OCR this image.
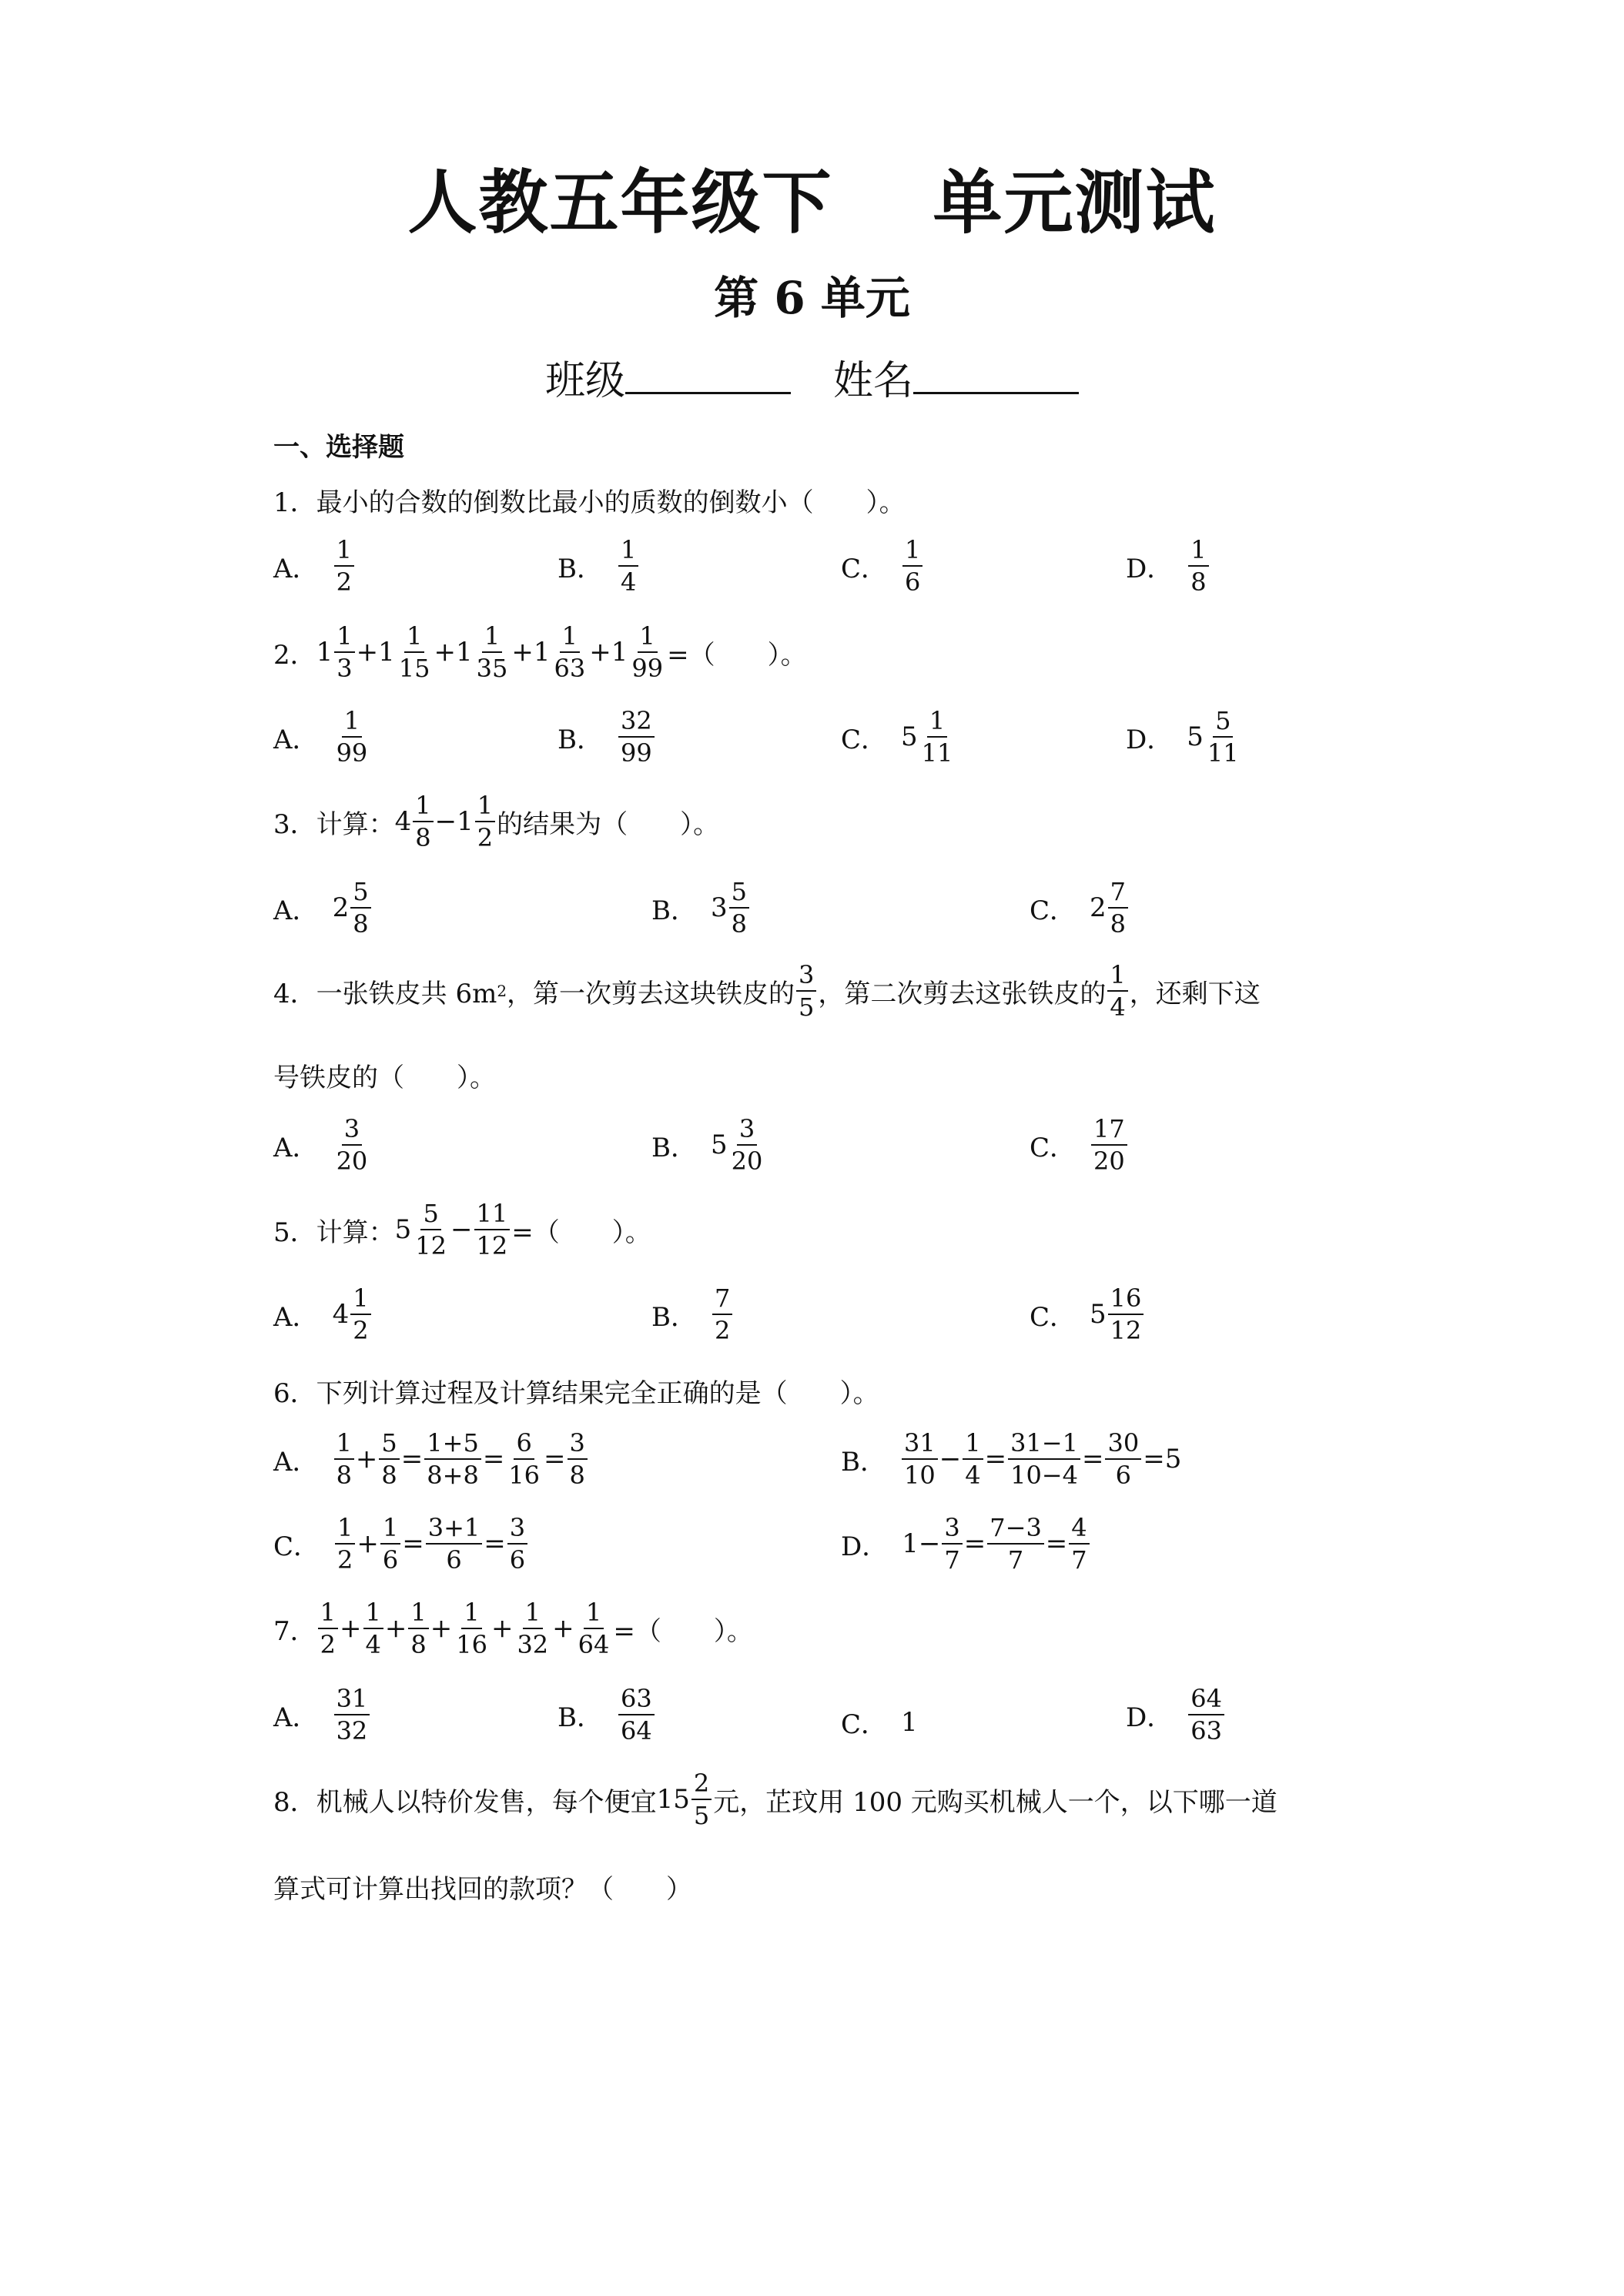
人教五年级下 单元测试
第 6 单元
班级	姓名
一、选择题
1．最小的合数的倒数比最小的质数的倒数小（　　）。
A． $\frac{1}{2}$	B． $\frac{1}{4}$	C． $\frac{1}{6}$	D． $\frac{1}{8}$
2． $1 \frac{1}{3} + 1 \frac{1}{15} + 1 \frac{1}{35} + 1 \frac{1}{63} + 1 \frac{1}{99}$ =（　　）。
A． $\frac{1}{99}$	B． $\frac{32}{99}$	C． $5 \frac{1}{11}$	D． $5 \frac{5}{11}$
3．计算： $4 \frac{1}{8} - 1 \frac{1}{2}$ 的结果为（　　）。
A． $2 \frac{5}{8}$	B． $3 \frac{5}{8}$	C． $2 \frac{7}{8}$
4．一张铁皮共 6m 2 ，第一次剪去这块铁皮的 $\frac{3}{5}$ ，第二次剪去这张铁皮的 $\frac{1}{4}$ ，还剩下这
号铁皮的（　　）。
A． $\frac{3}{20}$	B． $5 \frac{3}{20}$	C． $\frac{17}{20}$
5．计算： $5 \frac{5}{12} - \frac{11}{12}$ =（　　）。
A． $4 \frac{1}{2}$	B． $\frac{7}{2}$	C． $5 \frac{16}{12}$
6．下列计算过程及计算结果完全正确的是（　　）。
A． $\frac{1}{8} + \frac{5}{8} = \frac{1+5}{8+8} = \frac{6}{16} = \frac{3}{8}$	B． $\frac{31}{10} - \frac{1}{4} = \frac{31-1}{10-4} = \frac{30}{6} = 5$
C． $\frac{1}{2} + \frac{1}{6} = \frac{3+1}{6} = \frac{3}{6}$	D． $1 - \frac{3}{7} = \frac{7-3}{7} = \frac{4}{7}$
7． $\frac{1}{2} + \frac{1}{4} + \frac{1}{8} + \frac{1}{16} + \frac{1}{32} + \frac{1}{64}$ =（　　）。
A． $\frac{31}{32}$	B． $\frac{63}{64}$	C． 1	D． $\frac{64}{63}$
8．机械人以特价发售，每个便宜 $15 \frac{2}{5}$ 元，芷玟用 100 元购买机械人一个，以下哪一道
算式可计算出找回的款项？（　　）
